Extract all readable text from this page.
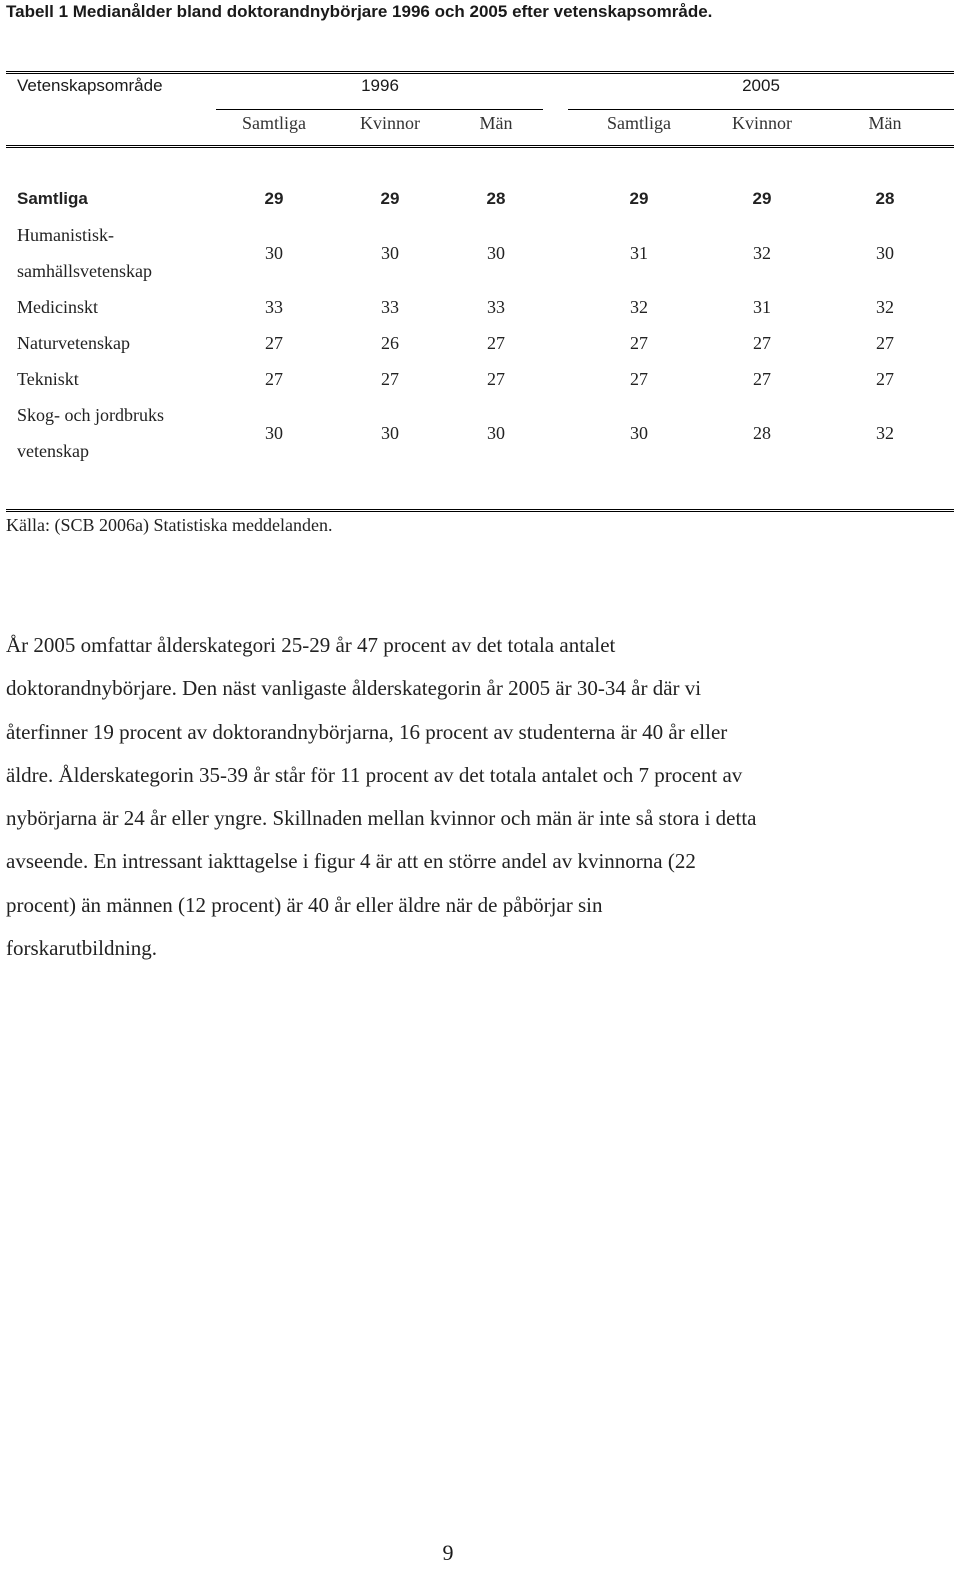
Tabell 1 Medianålder bland doktorandnybörjare 1996 och 2005 efter vetenskapsområde.
Vetenskapsområde	1996	2005
Samtliga	Kvinnor	Män	Samtliga	Kvinnor	Män
Samtliga	29	29	28	29	29	28
Humanistisk-
samhällsvetenskap
30	30	30	31	32	30
Medicinskt	33	33	33	32	31	32
Naturvetenskap	27	26	27	27	27	27
Tekniskt	27	27	27	27	27	27
Skog- och jordbruks
vetenskap
30	30	30	30	28	32
Källa: (SCB 2006a) Statistiska meddelanden.
År 2005 omfattar ålderskategori 25-29 år 47 procent av det totala antalet
doktorandnybörjare. Den näst vanligaste ålderskategorin år 2005 är 30-34 år där vi
återfinner 19 procent av doktorandnybörjarna, 16 procent av studenterna är 40 år eller
äldre. Ålderskategorin 35-39 år står för 11 procent av det totala antalet och 7 procent av
nybörjarna är 24 år eller yngre. Skillnaden mellan kvinnor och män är inte så stora i detta
avseende. En intressant iakttagelse i figur 4 är att en större andel av kvinnorna (22
procent) än männen (12 procent) är 40 år eller äldre när de påbörjar sin
forskarutbildning.
9
